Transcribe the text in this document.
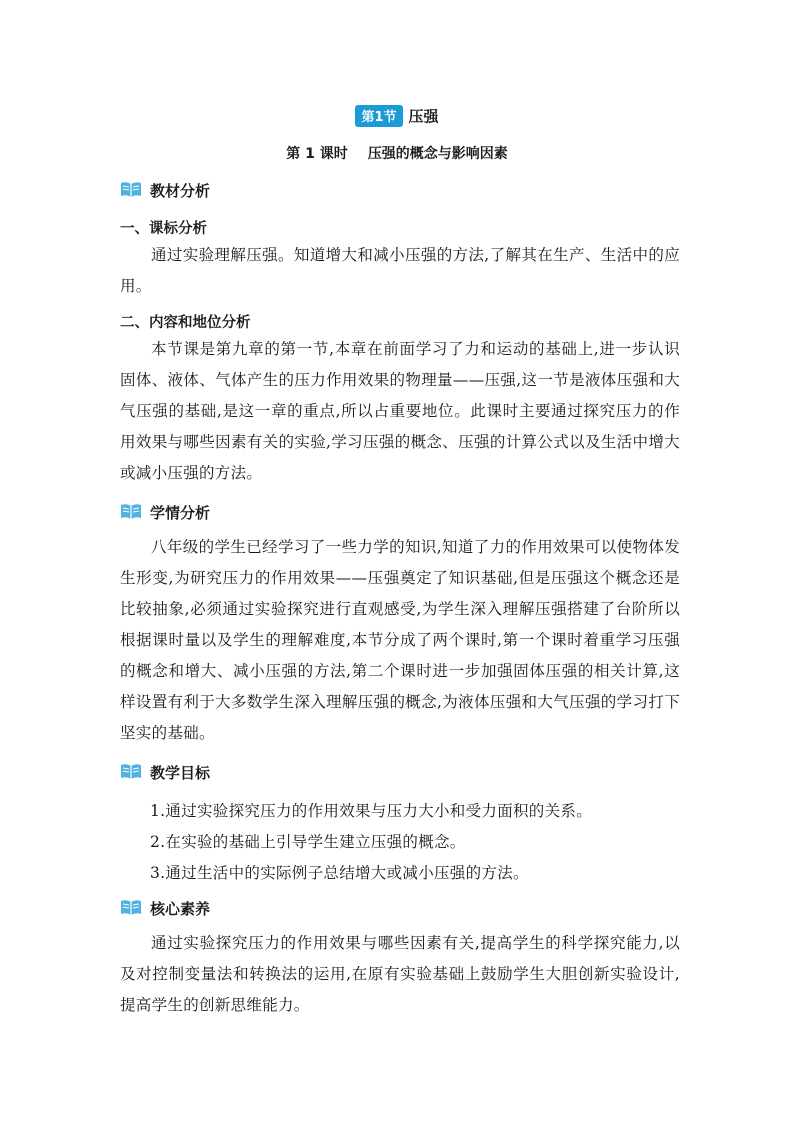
第1节 压强
第 1 课时 压强的概念与影响因素
教材分析
一、课标分析
通过实验理解压强。知道增大和减小压强的方法,了解其在生产、生活中的应用。
二、内容和地位分析
本节课是第九章的第一节,本章在前面学习了力和运动的基础上,进一步认识固体、液体、气体产生的压力作用效果的物理量——压强,这一节是液体压强和大气压强的基础,是这一章的重点,所以占重要地位。此课时主要通过探究压力的作用效果与哪些因素有关的实验,学习压强的概念、压强的计算公式以及生活中增大或减小压强的方法。
学情分析
八年级的学生已经学习了一些力学的知识,知道了力的作用效果可以使物体发生形变,为研究压力的作用效果——压强奠定了知识基础,但是压强这个概念还是比较抽象,必须通过实验探究进行直观感受,为学生深入理解压强搭建了台阶所以根据课时量以及学生的理解难度,本节分成了两个课时,第一个课时着重学习压强的概念和增大、减小压强的方法,第二个课时进一步加强固体压强的相关计算,这样设置有利于大多数学生深入理解压强的概念,为液体压强和大气压强的学习打下坚实的基础。
教学目标
1.通过实验探究压力的作用效果与压力大小和受力面积的关系。
2.在实验的基础上引导学生建立压强的概念。
3.通过生活中的实际例子总结增大或减小压强的方法。
核心素养
通过实验探究压力的作用效果与哪些因素有关,提高学生的科学探究能力,以及对控制变量法和转换法的运用,在原有实验基础上鼓励学生大胆创新实验设计,提高学生的创新思维能力。
